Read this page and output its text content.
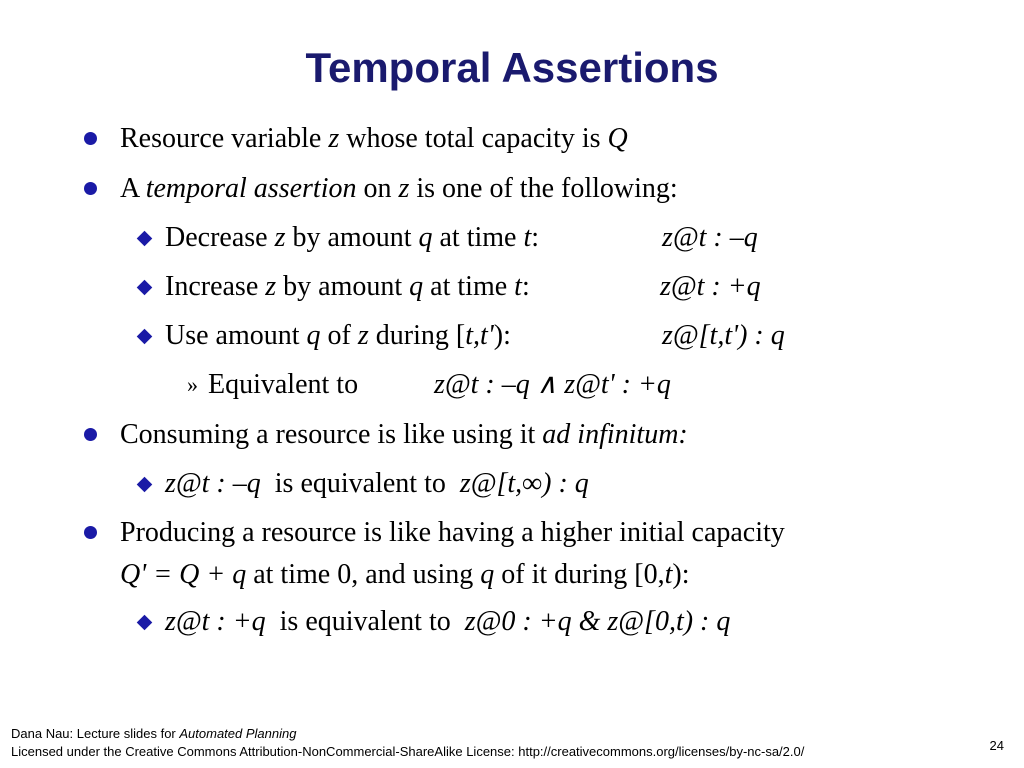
Temporal Assertions
Resource variable z whose total capacity is Q
A temporal assertion on z is one of the following:
Decrease z by amount q at time t:	z@t : –q
Increase z by amount q at time t:	z@t : +q
Use amount q of z during [t,t'):	z@[t,t') : q
» Equivalent to	z@t : –q ∧ z@t' : +q
Consuming a resource is like using it ad infinitum:
z@t : –q is equivalent to z@[t,∞) : q
Producing a resource is like having a higher initial capacity
Q' = Q + q at time 0, and using q of it during [0,t):
z@t : +q is equivalent to z@0 : +q & z@[0,t) : q
Dana Nau: Lecture slides for Automated Planning
Licensed under the Creative Commons Attribution-NonCommercial-ShareAlike License: http://creativecommons.org/licenses/by-nc-sa/2.0/	24
